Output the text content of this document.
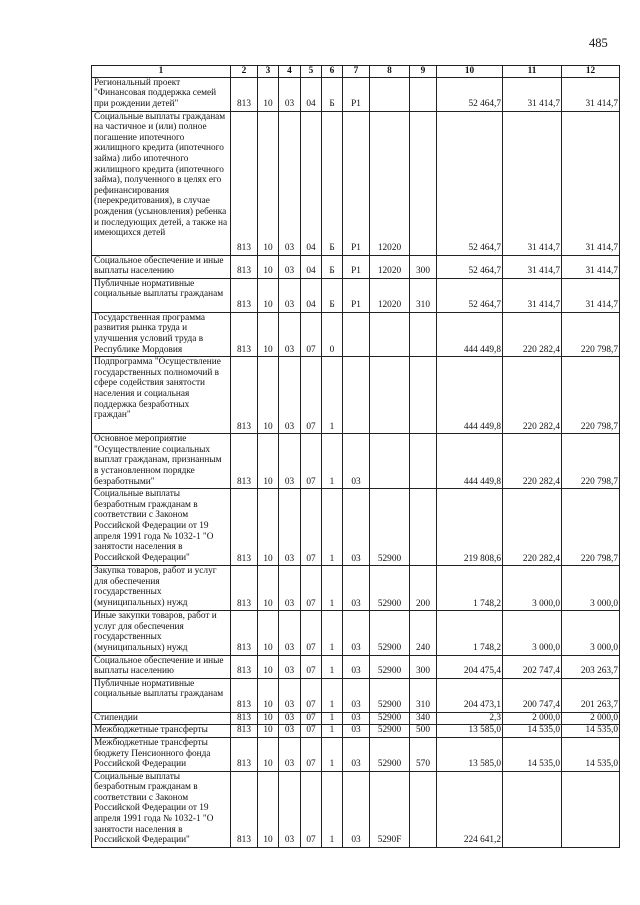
485
1	2	3	4	5	6	7	8	9	10	11	12

Региональный проект "Финансовая поддержка семей при рождении детей"	813	10	03	04	Б	Р1			52 464,7	31 414,7	31 414,7

Социальные выплаты гражданам на частичное и (или) полное погашение ипотечного жилищного кредита (ипотечного займа) либо ипотечного жилищного кредита (ипотечного займа), полученного в целях его рефинансирования (перекредитования), в случае рождения (усыновления) ребенка и последующих детей, а также на имеющихся детей	813	10	03	04	Б	Р1	12020		52 464,7	31 414,7	31 414,7

Социальное обеспечение и иные выплаты населению	813	10	03	04	Б	Р1	12020	300	52 464,7	31 414,7	31 414,7

Публичные нормативные социальные выплаты гражданам	813	10	03	04	Б	Р1	12020	310	52 464,7	31 414,7	31 414,7

Государственная программа развития рынка труда и улучшения условий труда в Республике Мордовия	813	10	03	07	0				444 449,8	220 282,4	220 798,7

Подпрограмма "Осуществление государственных полномочий в сфере содействия занятости населения и социальная поддержка безработных граждан"	813	10	03	07	1				444 449,8	220 282,4	220 798,7

Основное мероприятие "Осуществление социальных выплат гражданам, признанным в установленном порядке безработными"	813	10	03	07	1	03			444 449,8	220 282,4	220 798,7

Социальные выплаты безработным гражданам в соответствии с Законом Российской Федерации от 19 апреля 1991 года № 1032-1 "О занятости населения в Российской Федерации"	813	10	03	07	1	03	52900		219 808,6	220 282,4	220 798,7

Закупка товаров, работ и услуг для обеспечения государственных (муниципальных) нужд	813	10	03	07	1	03	52900	200	1 748,2	3 000,0	3 000,0

Иные закупки товаров, работ и услуг для обеспечения государственных (муниципальных) нужд	813	10	03	07	1	03	52900	240	1 748,2	3 000,0	3 000,0

Социальное обеспечение и иные выплаты населению	813	10	03	07	1	03	52900	300	204 475,4	202 747,4	203 263,7

Публичные нормативные социальные выплаты гражданам	813	10	03	07	1	03	52900	310	204 473,1	200 747,4	201 263,7

Стипендии	813	10	03	07	1	03	52900	340	2,3	2 000,0	2 000,0

Межбюджетные трансферты	813	10	03	07	1	03	52900	500	13 585,0	14 535,0	14 535,0

Межбюджетные трансферты бюджету Пенсионного фонда Российской Федерации	813	10	03	07	1	03	52900	570	13 585,0	14 535,0	14 535,0

Социальные выплаты безработным гражданам в соответствии с Законом Российской Федерации от 19 апреля 1991 года № 1032-1 "О занятости населения в Российской Федерации"	813	10	03	07	1	03	5290F		224 641,2		
